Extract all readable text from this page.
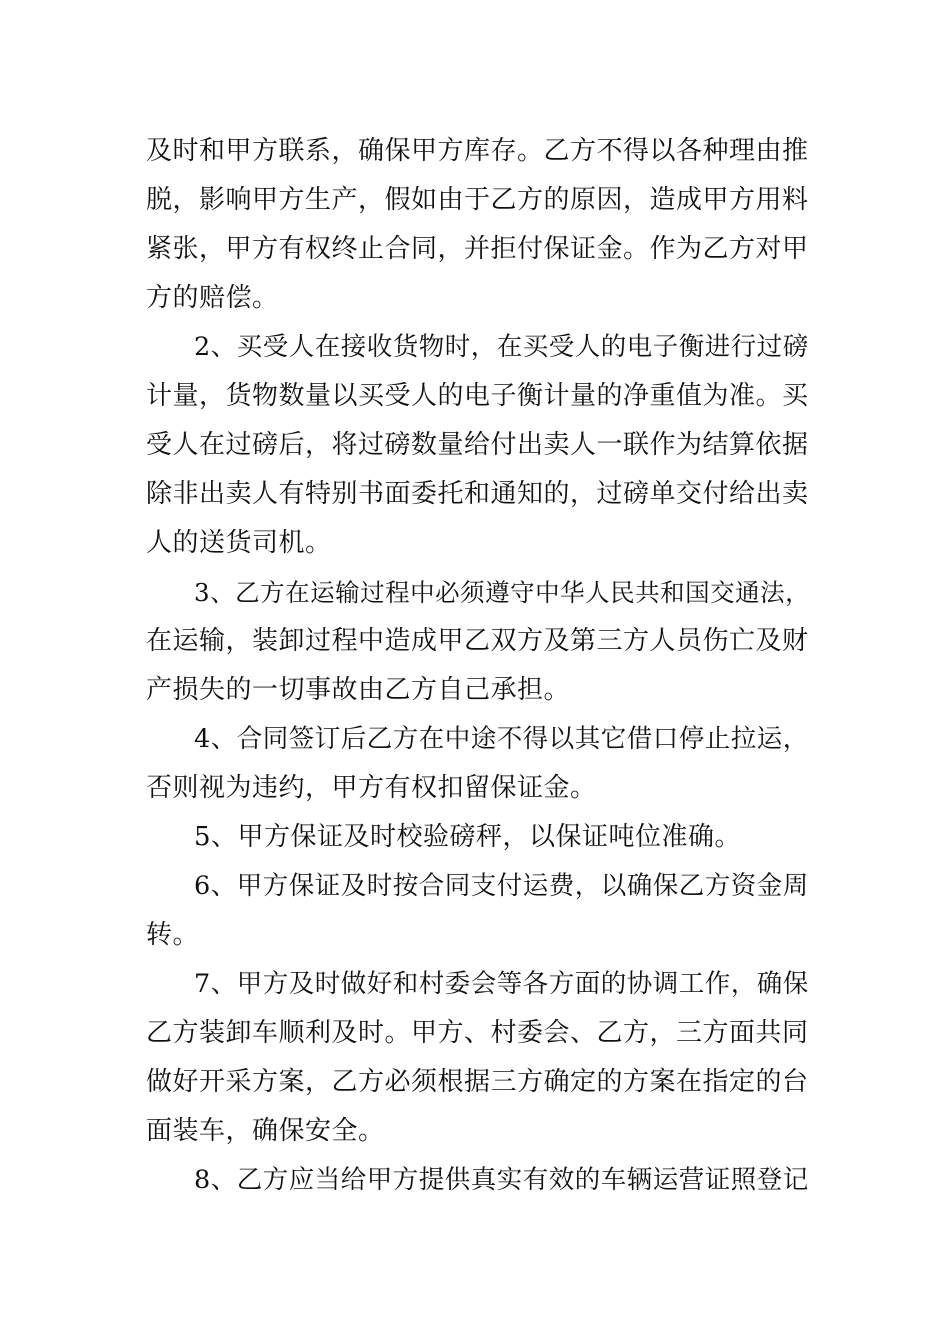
及时和甲方联系，确保甲方库存。乙方不得以各种理由推
脱，影响甲方生产，假如由于乙方的原因，造成甲方用料
紧张，甲方有权终止合同，并拒付保证金。作为乙方对甲
方的赔偿。
2、买受人在接收货物时，在买受人的电子衡进行过磅
计量，货物数量以买受人的电子衡计量的净重值为准。买
受人在过磅后，将过磅数量给付出卖人一联作为结算依据
除非出卖人有特别书面委托和通知的，过磅单交付给出卖
人的送货司机。
3、乙方在运输过程中必须遵守中华人民共和国交通法，
在运输，装卸过程中造成甲乙双方及第三方人员伤亡及财
产损失的一切事故由乙方自己承担。
4、合同签订后乙方在中途不得以其它借口停止拉运，
否则视为违约，甲方有权扣留保证金。
5、甲方保证及时校验磅秤，以保证吨位准确。
6、甲方保证及时按合同支付运费，以确保乙方资金周
转。
7、甲方及时做好和村委会等各方面的协调工作，确保
乙方装卸车顺利及时。甲方、村委会、乙方，三方面共同
做好开采方案，乙方必须根据三方确定的方案在指定的台
面装车，确保安全。
8、乙方应当给甲方提供真实有效的车辆运营证照登记
